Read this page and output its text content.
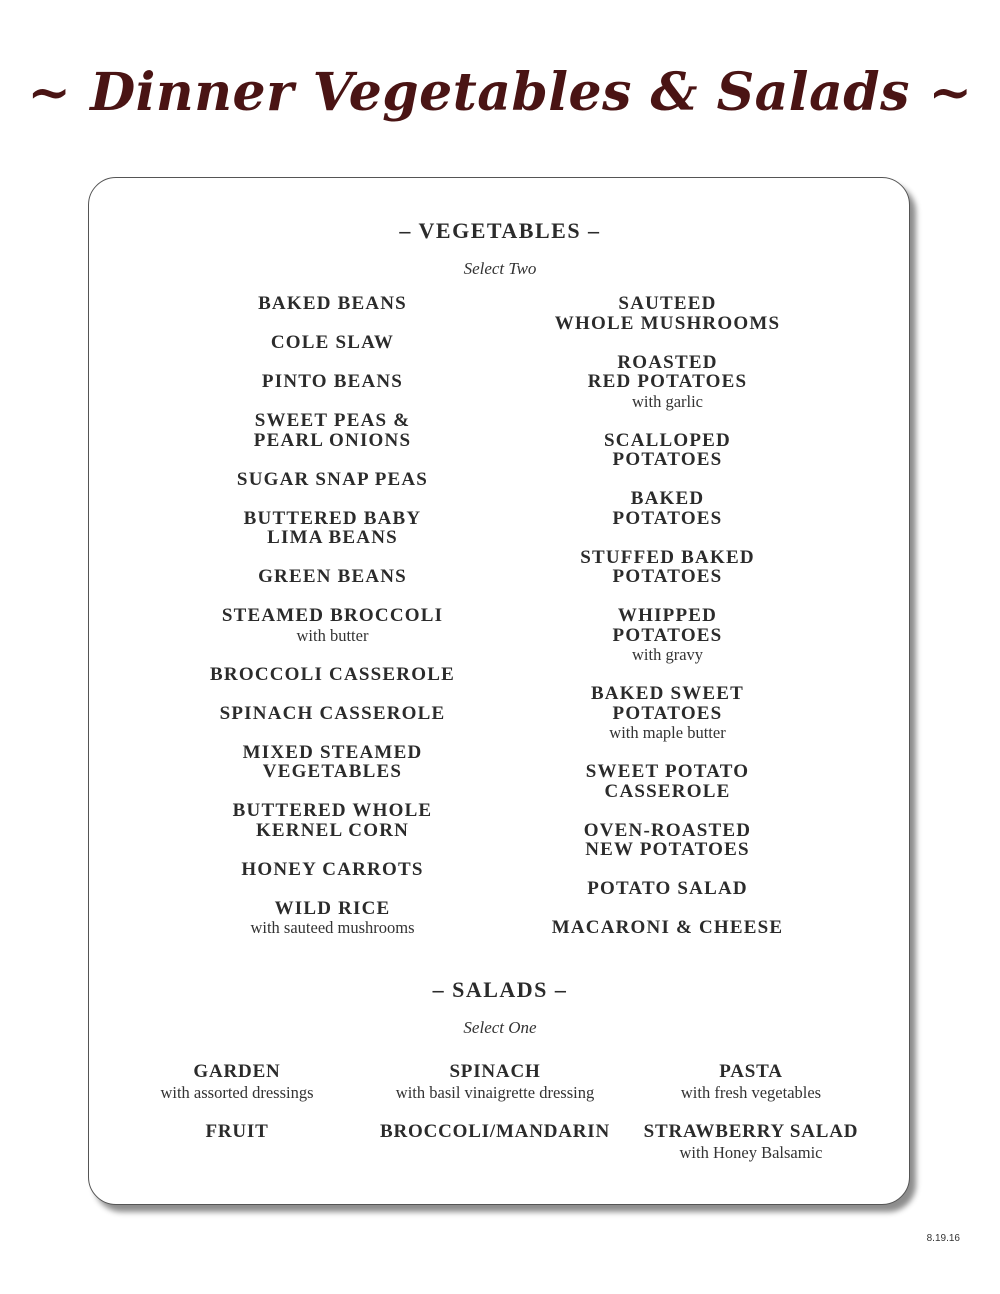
~ Dinner Vegetables & Salads ~
– VEGETABLES –
Select Two
BAKED BEANS
COLE SLAW
PINTO BEANS
SWEET PEAS &
PEARL ONIONS
SUGAR SNAP PEAS
BUTTERED BABY
LIMA BEANS
GREEN BEANS
STEAMED BROCCOLI
with butter
BROCCOLI CASSEROLE
SPINACH CASSEROLE
MIXED STEAMED
VEGETABLES
BUTTERED WHOLE
KERNEL CORN
HONEY CARROTS
WILD RICE
with sauteed mushrooms
SAUTEED
WHOLE MUSHROOMS
ROASTED
RED POTATOES
with garlic
SCALLOPED
POTATOES
BAKED
POTATOES
STUFFED BAKED
POTATOES
WHIPPED
POTATOES
with gravy
BAKED SWEET
POTATOES
with maple butter
SWEET POTATO
CASSEROLE
OVEN-ROASTED
NEW POTATOES
POTATO SALAD
MACARONI & CHEESE
– SALADS –
Select One
GARDEN
with assorted dressings
SPINACH
with basil vinaigrette dressing
PASTA
with fresh vegetables
FRUIT	BROCCOLI/MANDARIN	STRAWBERRY SALAD
with Honey Balsamic
8.19.16
